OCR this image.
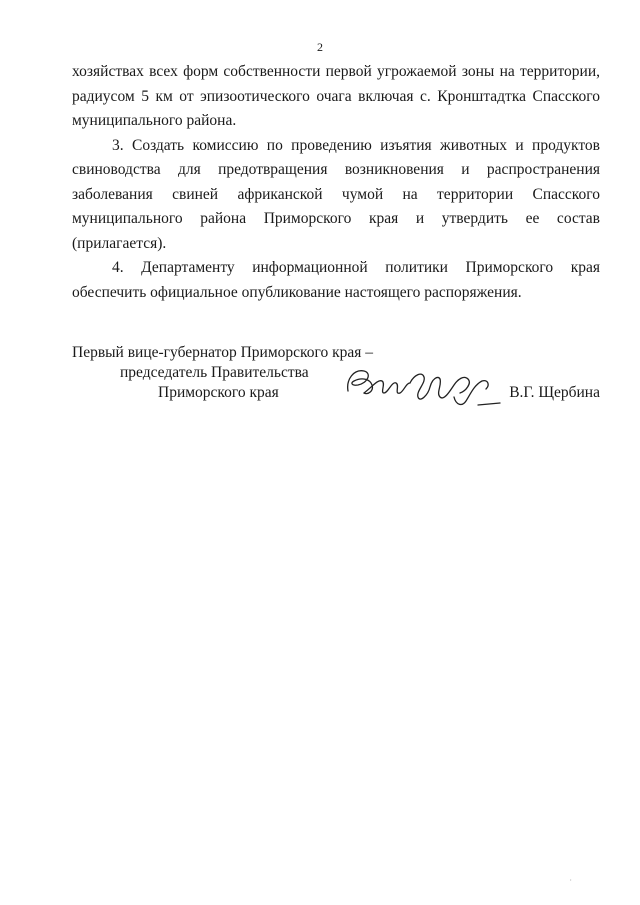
2

хозяйствах всех форм собственности первой угрожаемой зоны на территории,
радиусом 5 км от эпизоотического очага включая с. Кронштадтка Спасского
муниципального района.

3. Создать комиссию по проведению изъятия животных и продуктов
свиноводства для предотвращения возникновения и распространения
заболевания свиней африканской чумой на территории Спасского
муниципального района Приморского края и утвердить ее состав (прилагается).

4. Департаменту информационной политики Приморского края
обеспечить официальное опубликование настоящего распоряжения.

Первый вице-губернатор Приморского края –
председатель Правительства
Приморского края	В.Г. Щербина
·
